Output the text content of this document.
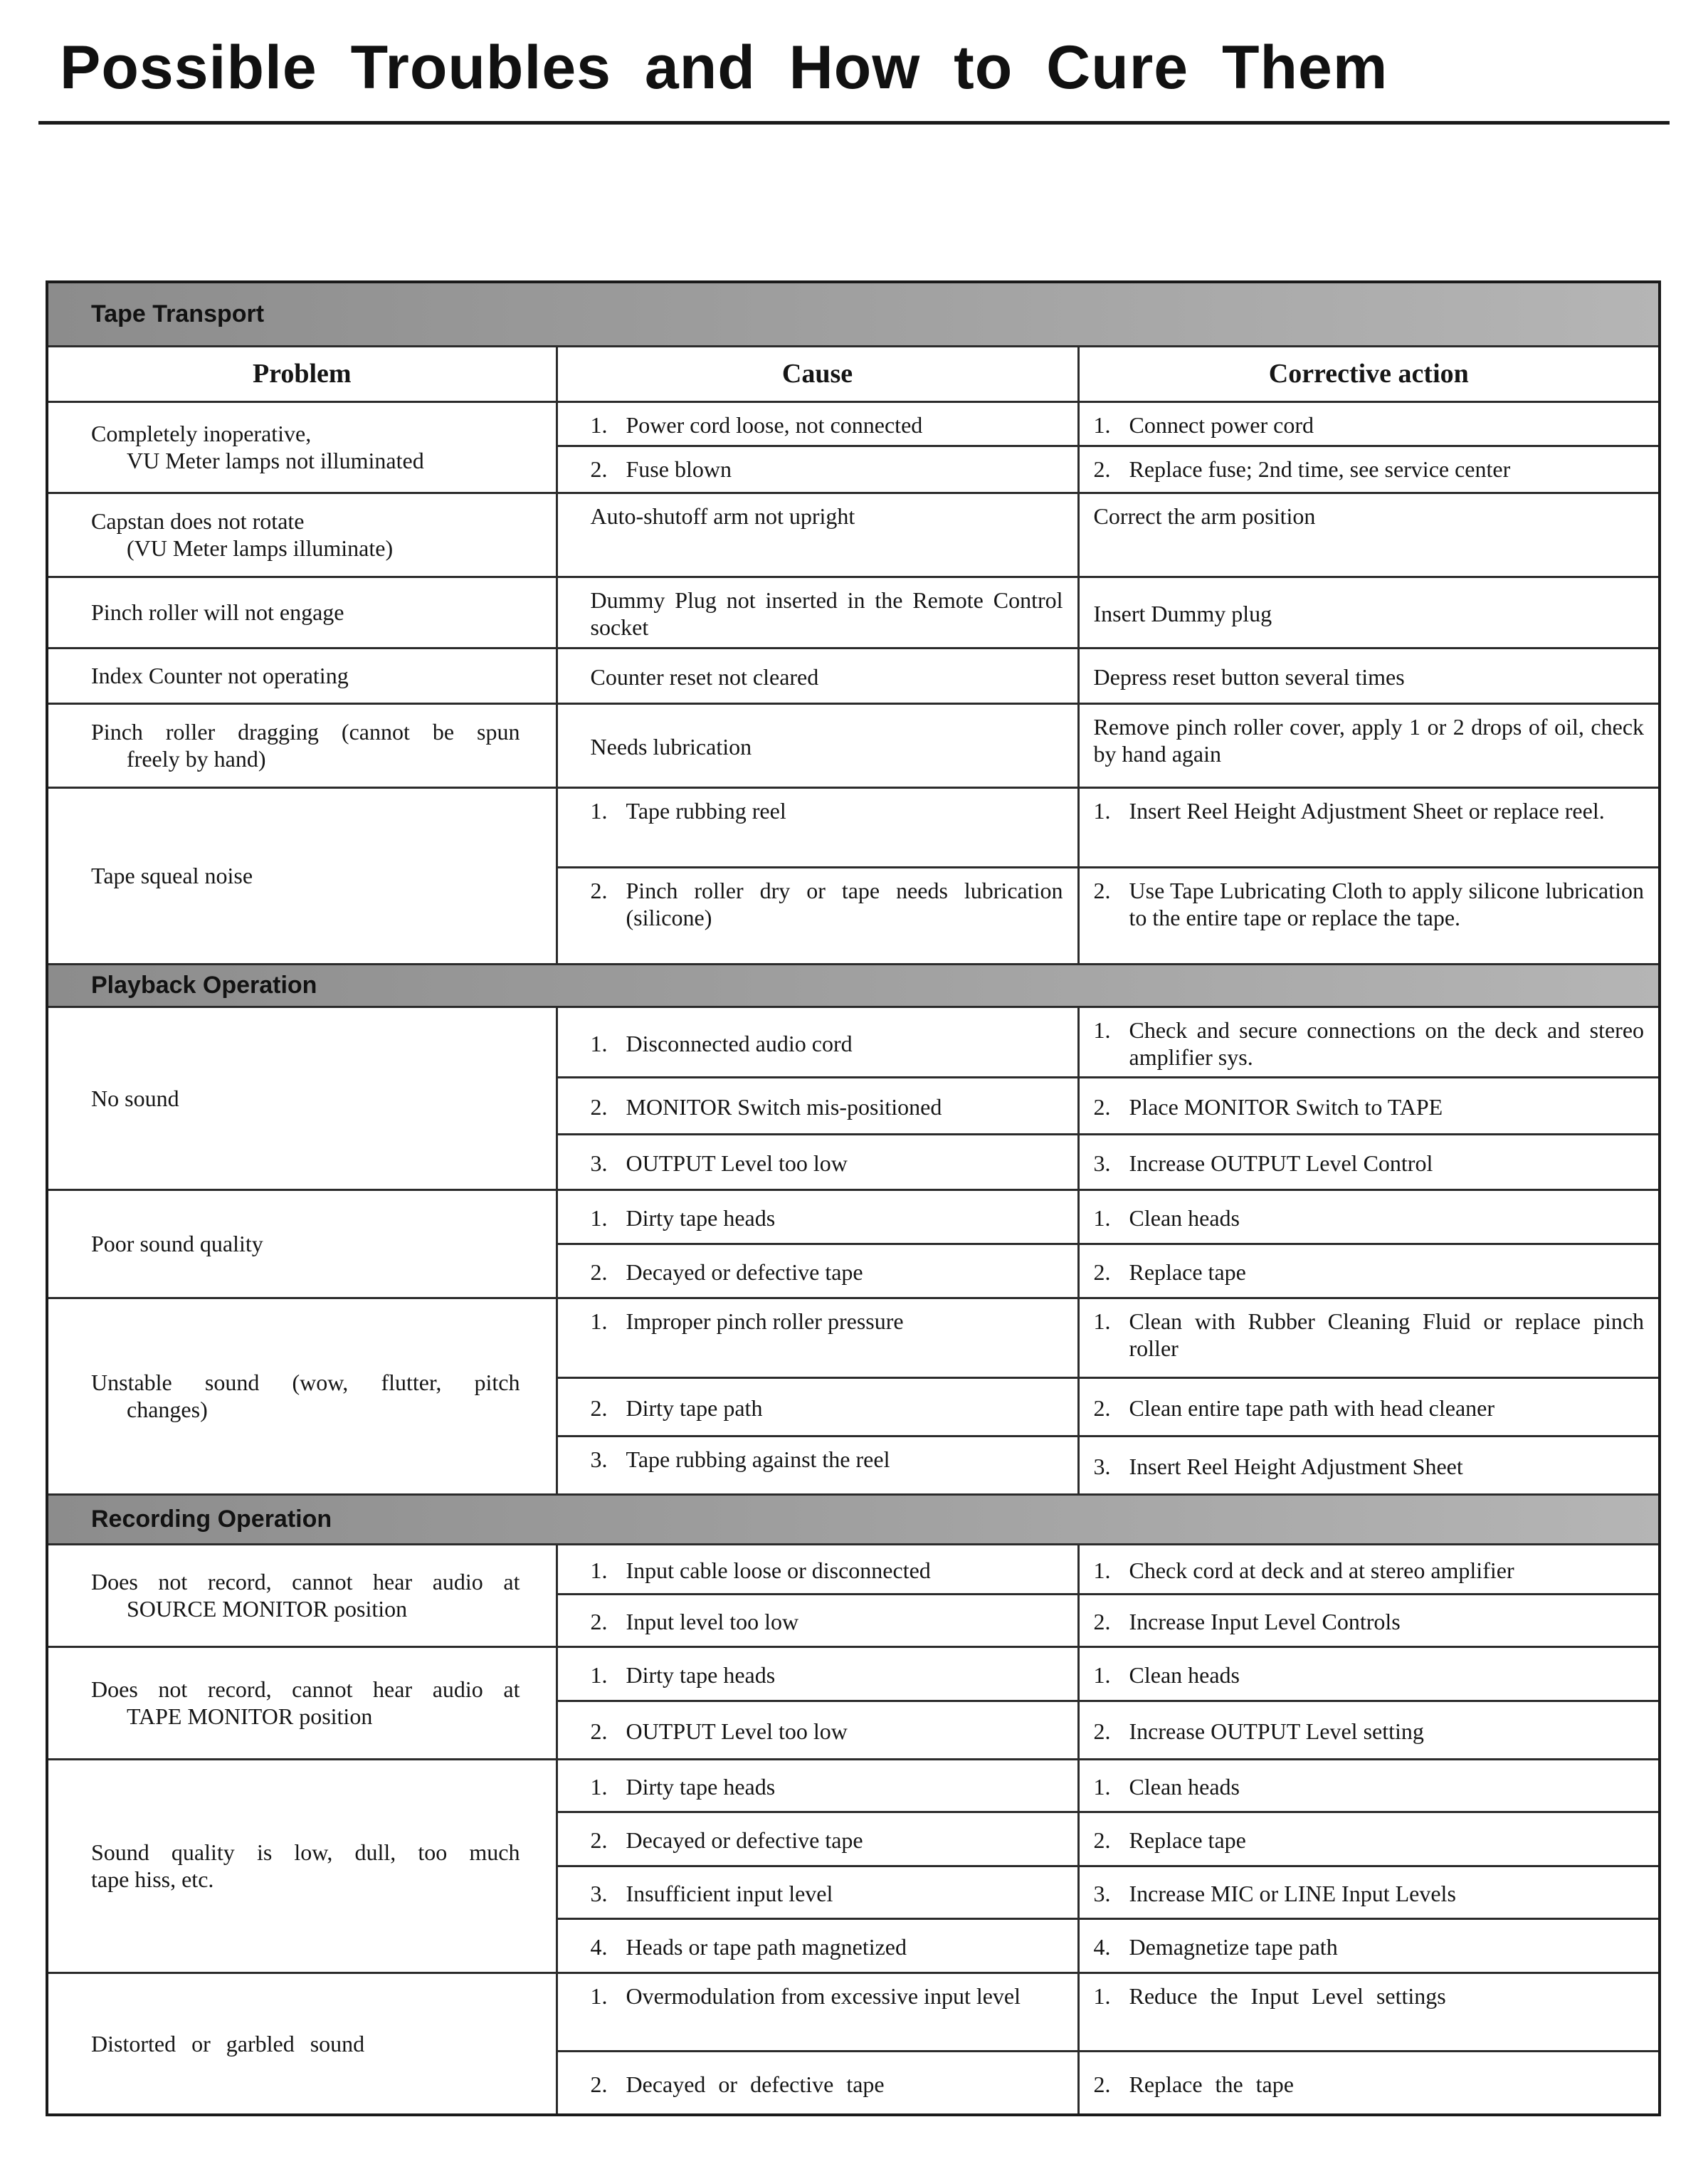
Possible Troubles and How to Cure Them
Tape Transport		
Problem	Cause	Corrective action

Completely inoperative,
VU Meter lamps not illuminated	1. Power cord loose, not connected	1. Connect power cord

	2. Fuse blown	2. Replace fuse; 2nd time, see service center

Capstan does not rotate
(VU Meter lamps illuminate)	Auto-shutoff arm not upright	Correct the arm position

Pinch roller will not engage	Dummy Plug not inserted in the Remote Control socket	Insert Dummy plug

Index Counter not operating	Counter reset not cleared	Depress reset button several times

Pinch roller dragging (cannot be spun
freely by hand)	Needs lubrication	Remove pinch roller cover, apply 1 or 2 drops of oil, check by hand again

Tape squeal noise	1. Tape rubbing reel	1. Insert Reel Height Adjustment Sheet or replace reel.

	2. Pinch roller dry or tape needs lubrication (silicone)	2. Use Tape Lubricating Cloth to apply silicone lubrication to the entire tape or replace the tape.

Playback Operation		

No sound	1. Disconnected audio cord	1. Check and secure connections on the deck and stereo amplifier sys.

	2. MONITOR Switch mis-positioned	2. Place MONITOR Switch to TAPE

	3. OUTPUT Level too low	3. Increase OUTPUT Level Control

Poor sound quality	1. Dirty tape heads	1. Clean heads

	2. Decayed or defective tape	2. Replace tape

Unstable sound (wow, flutter, pitch
changes)	1. Improper pinch roller pressure	1. Clean with Rubber Cleaning Fluid or replace pinch roller

	2. Dirty tape path	2. Clean entire tape path with head cleaner

	3. Tape rubbing against the reel	3. Insert Reel Height Adjustment Sheet

Recording Operation		

Does not record, cannot hear audio at
SOURCE MONITOR position	1. Input cable loose or disconnected	1. Check cord at deck and at stereo amplifier

	2. Input level too low	2. Increase Input Level Controls

Does not record, cannot hear audio at
TAPE MONITOR position	1. Dirty tape heads	1. Clean heads

	2. OUTPUT Level too low	2. Increase OUTPUT Level setting

Sound quality is low, dull, too much
tape hiss, etc.	1. Dirty tape heads	1. Clean heads

	2. Decayed or defective tape	2. Replace tape

	3. Insufficient input level	3. Increase MIC or LINE Input Levels

	4. Heads or tape path magnetized	4. Demagnetize tape path

Distorted or garbled sound	1. Overmodulation from excessive input level	1. Reduce the Input Level settings

	2. Decayed or defective tape	2. Replace the tape
